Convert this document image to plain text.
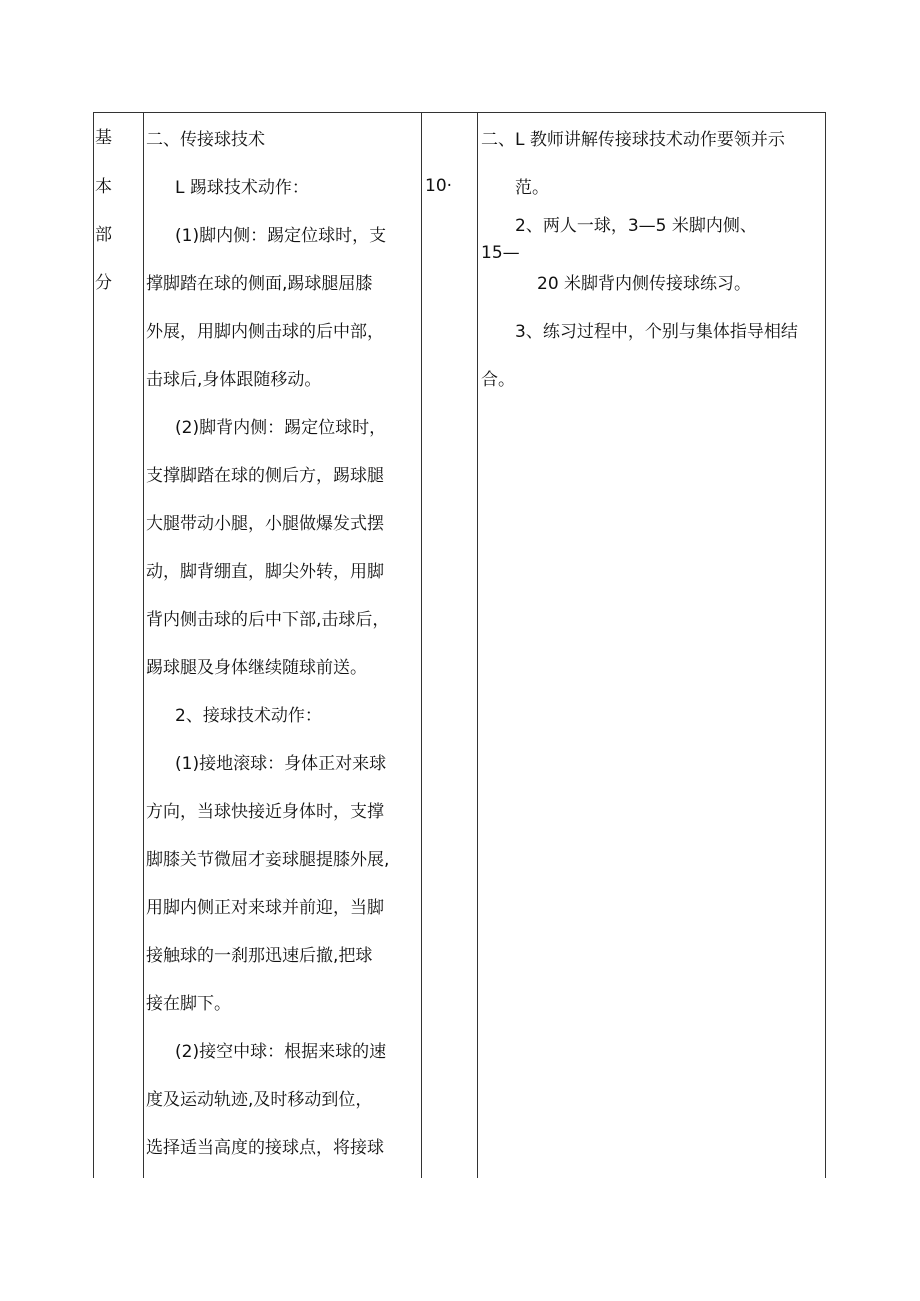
基
本
部
分
二、传接球技术
L 踢球技术动作：
(1)脚内侧：踢定位球时，支
撑脚踏在球的侧面,踢球腿屈膝
外展，用脚内侧击球的后中部，
击球后,身体跟随移动。
(2)脚背内侧：踢定位球时，
支撑脚踏在球的侧后方，踢球腿
大腿带动小腿，小腿做爆发式摆
动，脚背绷直，脚尖外转，用脚
背内侧击球的后中下部,击球后，
踢球腿及身体继续随球前送。
2、接球技术动作：
(1)接地滚球：身体正对来球
方向，当球快接近身体时，支撑
脚膝关节微屈才妾球腿提膝外展,
用脚内侧正对来球并前迎，当脚
接触球的一刹那迅速后撤,把球
接在脚下。
(2)接空中球：根据来球的速
度及运动轨迹,及时移动到位，
选择适当高度的接球点，将接球
10·
二、L 教师讲解传接球技术动作要领并示
范。
2、两人一球，3—5 米脚内侧、
15—
20 米脚背内侧传接球练习。
3、练习过程中，个别与集体指导相结
合。
